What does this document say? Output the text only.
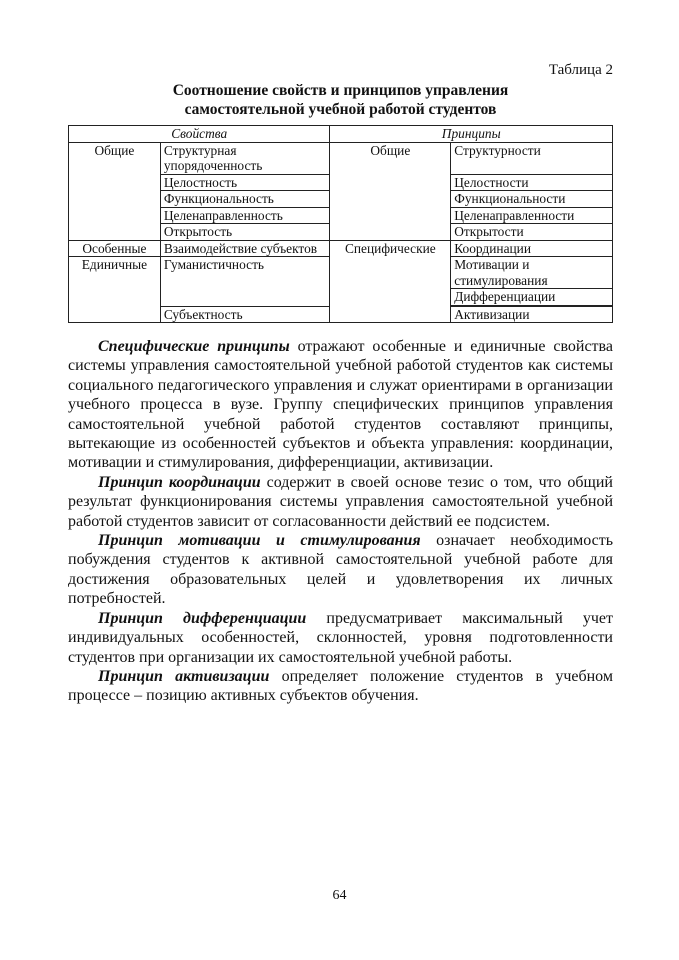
Таблица 2
Соотношение свойств и принципов управления
самостоятельной учебной работой студентов
Свойства		Принципы	
Общие	Структурная упорядоченность	Общие	Структурности
	Целостность		Целостности
	Функциональность		Функциональности
	Целенаправленность		Целенаправленности
	Открытость		Открытости
Особенные	Взаимодействие субъектов	Специфические	Координации
Единичные	Гуманистичность		Мотивации и стимулирования
			Дифференциации

	Субъектность		Активизации

Специфические принципы отражают особенные и единичные свойства системы управления самостоятельной учебной работой студентов как системы социального педагогического управления и служат ориентирами в организации учебного процесса в вузе. Группу специфических принципов управления самостоятельной учебной работой студентов составляют принципы, вытекающие из особенностей субъектов и объекта управления: координации, мотивации и стимулирования, дифференциации, активизации.

Принцип координации содержит в своей основе тезис о том, что общий результат функционирования системы управления самостоятельной учебной работой студентов зависит от согласованности действий ее подсистем.

Принцип мотивации и стимулирования означает необходимость побуждения студентов к активной самостоятельной учебной работе для достижения образовательных целей и удовлетворения их личных потребностей.

Принцип дифференциации предусматривает максимальный учет индивидуальных особенностей, склонностей, уровня подготовленности студентов при организации их самостоятельной учебной работы.

Принцип активизации определяет положение студентов в учебном процессе – позицию активных субъектов обучения.

64
